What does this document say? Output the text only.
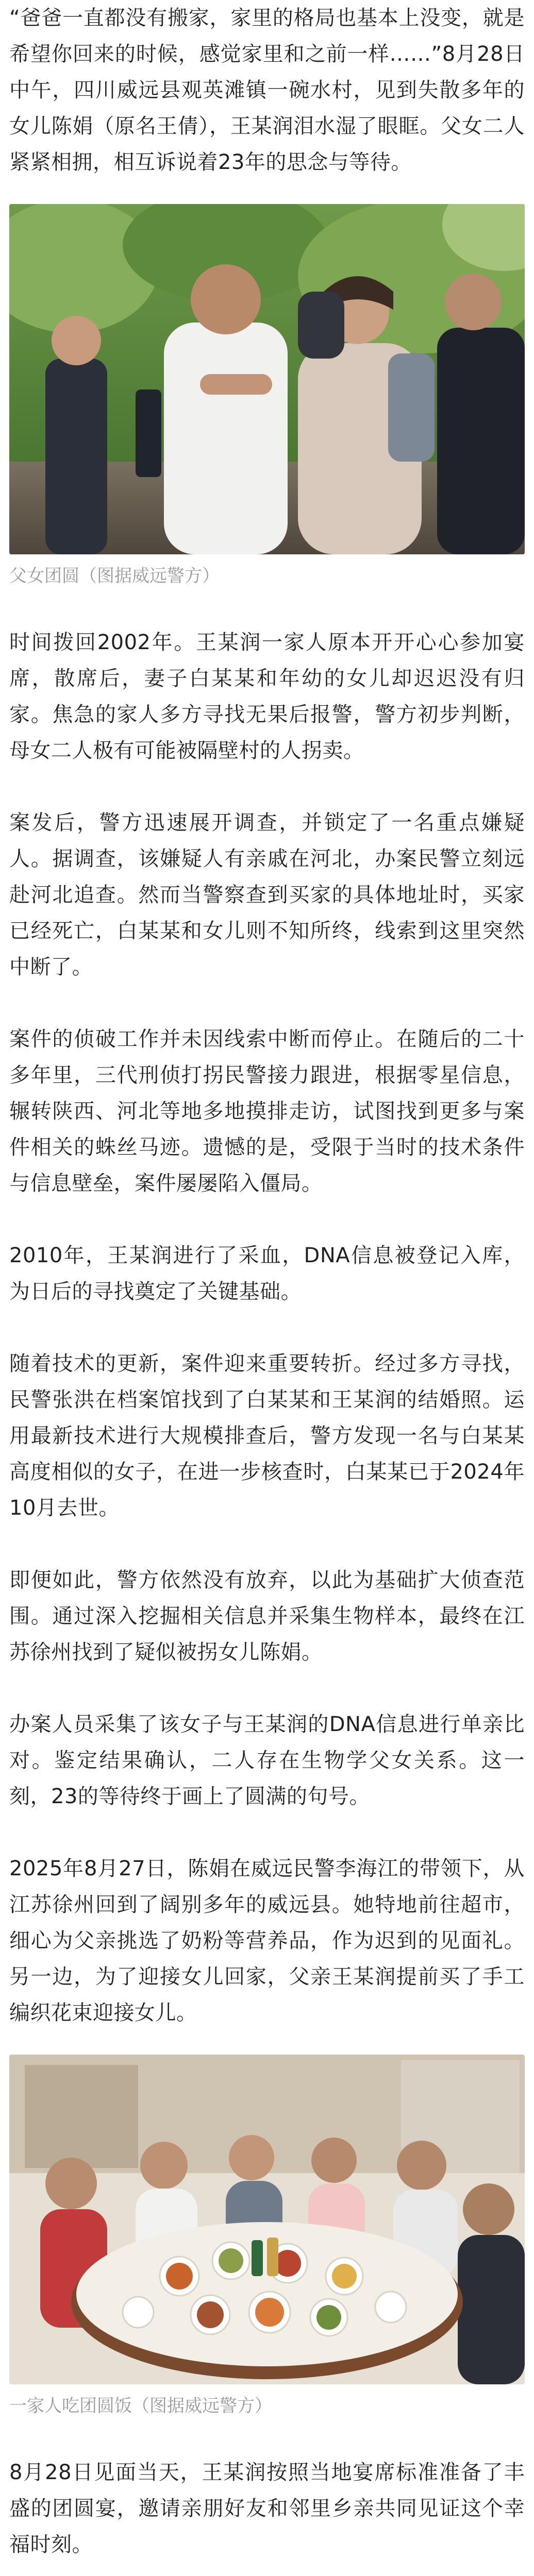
“爸爸一直都没有搬家，家里的格局也基本上没变，就是希望你回来的时候，感觉家里和之前一样……”8月28日中午，四川威远县观英滩镇一碗水村，见到失散多年的女儿陈娟（原名王倩），王某润泪水湿了眼眶。父女二人紧紧相拥，相互诉说着23年的思念与等待。

父女团圆（图据威远警方）

时间拨回2002年。王某润一家人原本开开心心参加宴席，散席后，妻子白某某和年幼的女儿却迟迟没有归家。焦急的家人多方寻找无果后报警，警方初步判断，母女二人极有可能被隔壁村的人拐卖。

案发后，警方迅速展开调查，并锁定了一名重点嫌疑人。据调查，该嫌疑人有亲戚在河北，办案民警立刻远赴河北追查。然而当警察查到买家的具体地址时，买家已经死亡，白某某和女儿则不知所终，线索到这里突然中断了。

案件的侦破工作并未因线索中断而停止。在随后的二十多年里，三代刑侦打拐民警接力跟进，根据零星信息，辗转陕西、河北等地多地摸排走访，试图找到更多与案件相关的蛛丝马迹。遗憾的是，受限于当时的技术条件与信息壁垒，案件屡屡陷入僵局。

2010年，王某润进行了采血，DNA信息被登记入库，为日后的寻找奠定了关键基础。

随着技术的更新，案件迎来重要转折。经过多方寻找，民警张洪在档案馆找到了白某某和王某润的结婚照。运用最新技术进行大规模排查后，警方发现一名与白某某高度相似的女子，在进一步核查时，白某某已于2024年10月去世。

即便如此，警方依然没有放弃，以此为基础扩大侦查范围。通过深入挖掘相关信息并采集生物样本，最终在江苏徐州找到了疑似被拐女儿陈娟。

办案人员采集了该女子与王某润的DNA信息进行单亲比对。鉴定结果确认，二人存在生物学父女关系。这一刻，23的等待终于画上了圆满的句号。

2025年8月27日，陈娟在威远民警李海江的带领下，从江苏徐州回到了阔别多年的威远县。她特地前往超市，细心为父亲挑选了奶粉等营养品，作为迟到的见面礼。另一边，为了迎接女儿回家，父亲王某润提前买了手工编织花束迎接女儿。

一家人吃团圆饭（图据威远警方）

8月28日见面当天，王某润按照当地宴席标准准备了丰盛的团圆宴，邀请亲朋好友和邻里乡亲共同见证这个幸福时刻。
